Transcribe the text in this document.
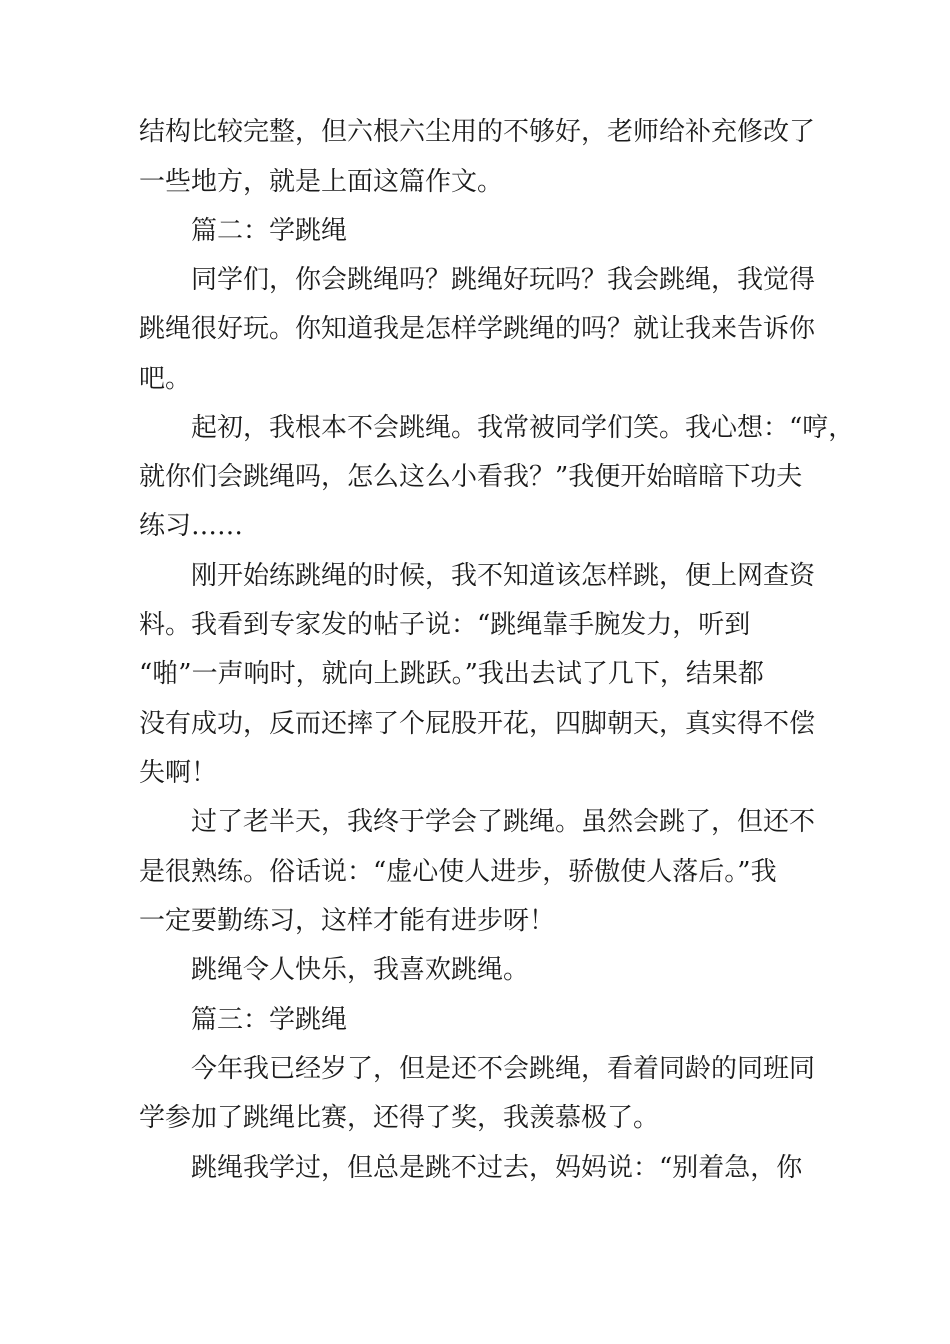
结构比较完整，但六根六尘用的不够好，老师给补充修改了
一些地方，就是上面这篇作文。
篇二：学跳绳
同学们，你会跳绳吗？跳绳好玩吗？我会跳绳，我觉得
跳绳很好玩。你知道我是怎样学跳绳的吗？就让我来告诉你
吧。
起初，我根本不会跳绳。我常被同学们笑。我心想：“哼，
就你们会跳绳吗，怎么这么小看我？”我便开始暗暗下功夫
练习……
刚开始练跳绳的时候，我不知道该怎样跳，便上网查资
料。我看到专家发的帖子说：“跳绳靠手腕发力，听到
“啪”一声响时，就向上跳跃。”我出去试了几下，结果都
没有成功，反而还摔了个屁股开花，四脚朝天，真实得不偿
失啊！
过了老半天，我终于学会了跳绳。虽然会跳了，但还不
是很熟练。俗话说：“虚心使人进步，骄傲使人落后。”我
一定要勤练习，这样才能有进步呀！
跳绳令人快乐，我喜欢跳绳。
篇三：学跳绳
今年我已经岁了，但是还不会跳绳，看着同龄的同班同
学参加了跳绳比赛，还得了奖，我羡慕极了。
跳绳我学过，但总是跳不过去，妈妈说：“别着急，你
